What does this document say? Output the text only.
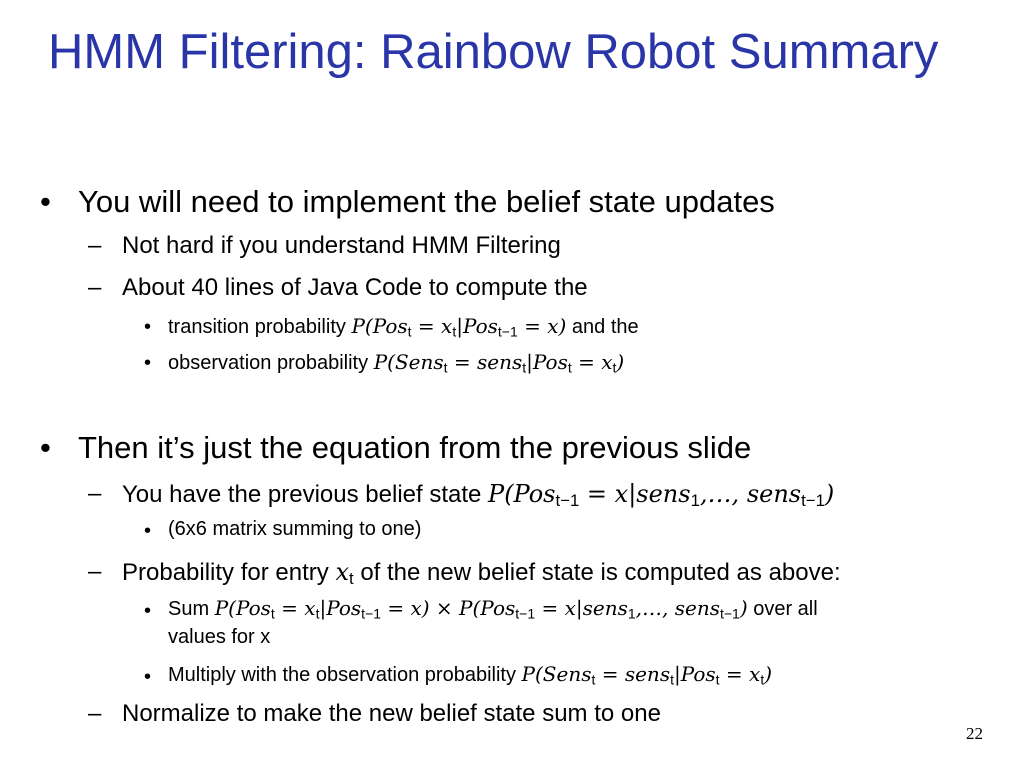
HMM Filtering: Rainbow Robot Summary
• You will need to implement the belief state updates
– Not hard if you understand HMM Filtering
– About 40 lines of Java Code to compute the
• transition probability $P(Pos_t = x_t|Pos_{t-1} = x)$ and the
• observation probability P(Sens$_t$ = sens$_t$|Pos$_t$ = $x_t$)
• Then it’s just the equation from the previous slide
– You have the previous belief state P(Pos$_{t-1}$ = x|sens$_1$,…, sens$_{t-1}$)
• (6x6 matrix summing to one)
– Probability for entry $x_t$ of the new belief state is computed as above:
• Sum $P(Pos_t = x_t|Pos_{t-1} = x) \times P(Pos_{t-1}$ = x|sens$_1$,…, sens$_{t-1}$) over all
values for x
• Multiply with the observation probability P(Sens$_t$ = sens$_t$|Pos$_t$ = $x_t$)
– Normalize to make the new belief state sum to one
22
